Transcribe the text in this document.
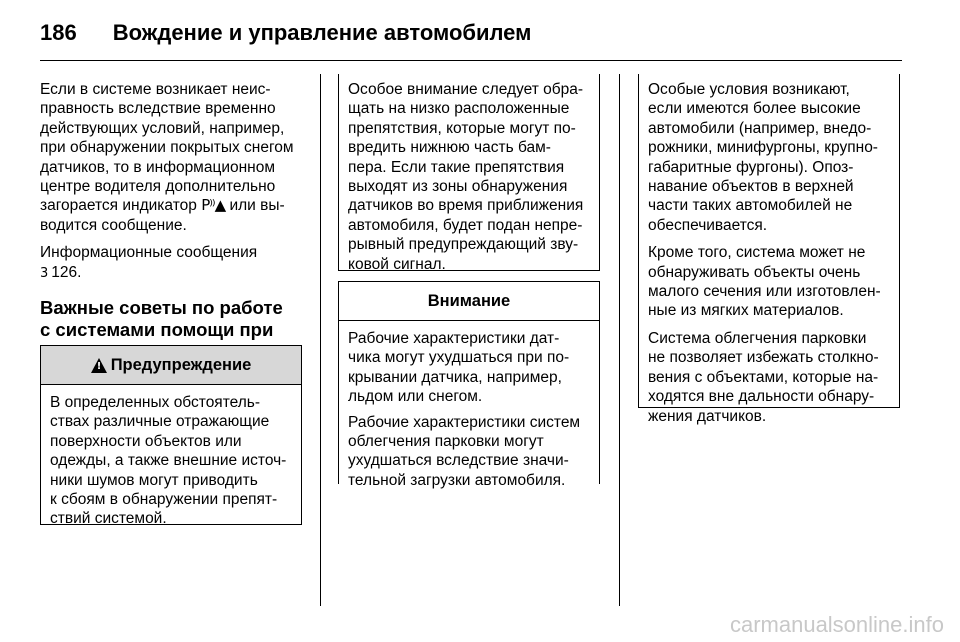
186 Вождение и управление автомобилем

Если в системе возникает неис-
правность вследствие временно
действующих условий, например,
при обнаружении покрытых снегом
датчиков, то в информационном
центре водителя дополнительно
загорается индикатор P⁾⁾▲ или вы-
водится сообщение.

Информационные сообщения
3 126.

Важные советы по работе
с системами помощи при

!
Предупреждение
В определенных обстоятель-
ствах различные отражающие
поверхности объектов или
одежды, а также внешние источ-
ники шумов могут приводить
к сбоям в обнаружении препят-
ствий системой.
Особое внимание следует обра-
щать на низко расположенные
препятствия, которые могут по-
вредить нижнюю часть бам-
пера. Если такие препятствия
выходят из зоны обнаружения
датчиков во время приближения
автомобиля, будет подан непре-
рывный предупреждающий зву-
ковой сигнал.
Внимание

Рабочие характеристики дат-
чика могут ухудшаться при по-
крывании датчика, например,
льдом или снегом.

Рабочие характеристики систем
облегчения парковки могут
ухудшаться вследствие значи-
тельной загрузки автомобиля.

Особые условия возникают,
если имеются более высокие
автомобили (например, внедо-
рожники, минифургоны, крупно-
габаритные фургоны). Опоз-
навание объектов в верхней
части таких автомобилей не
обеспечивается.

Кроме того, система может не
обнаруживать объекты очень
малого сечения или изготовлен-
ные из мягких материалов.

Система облегчения парковки
не позволяет избежать столкно-
вения с объектами, которые на-
ходятся вне дальности обнару-
жения датчиков.

carmanualsonline.info
